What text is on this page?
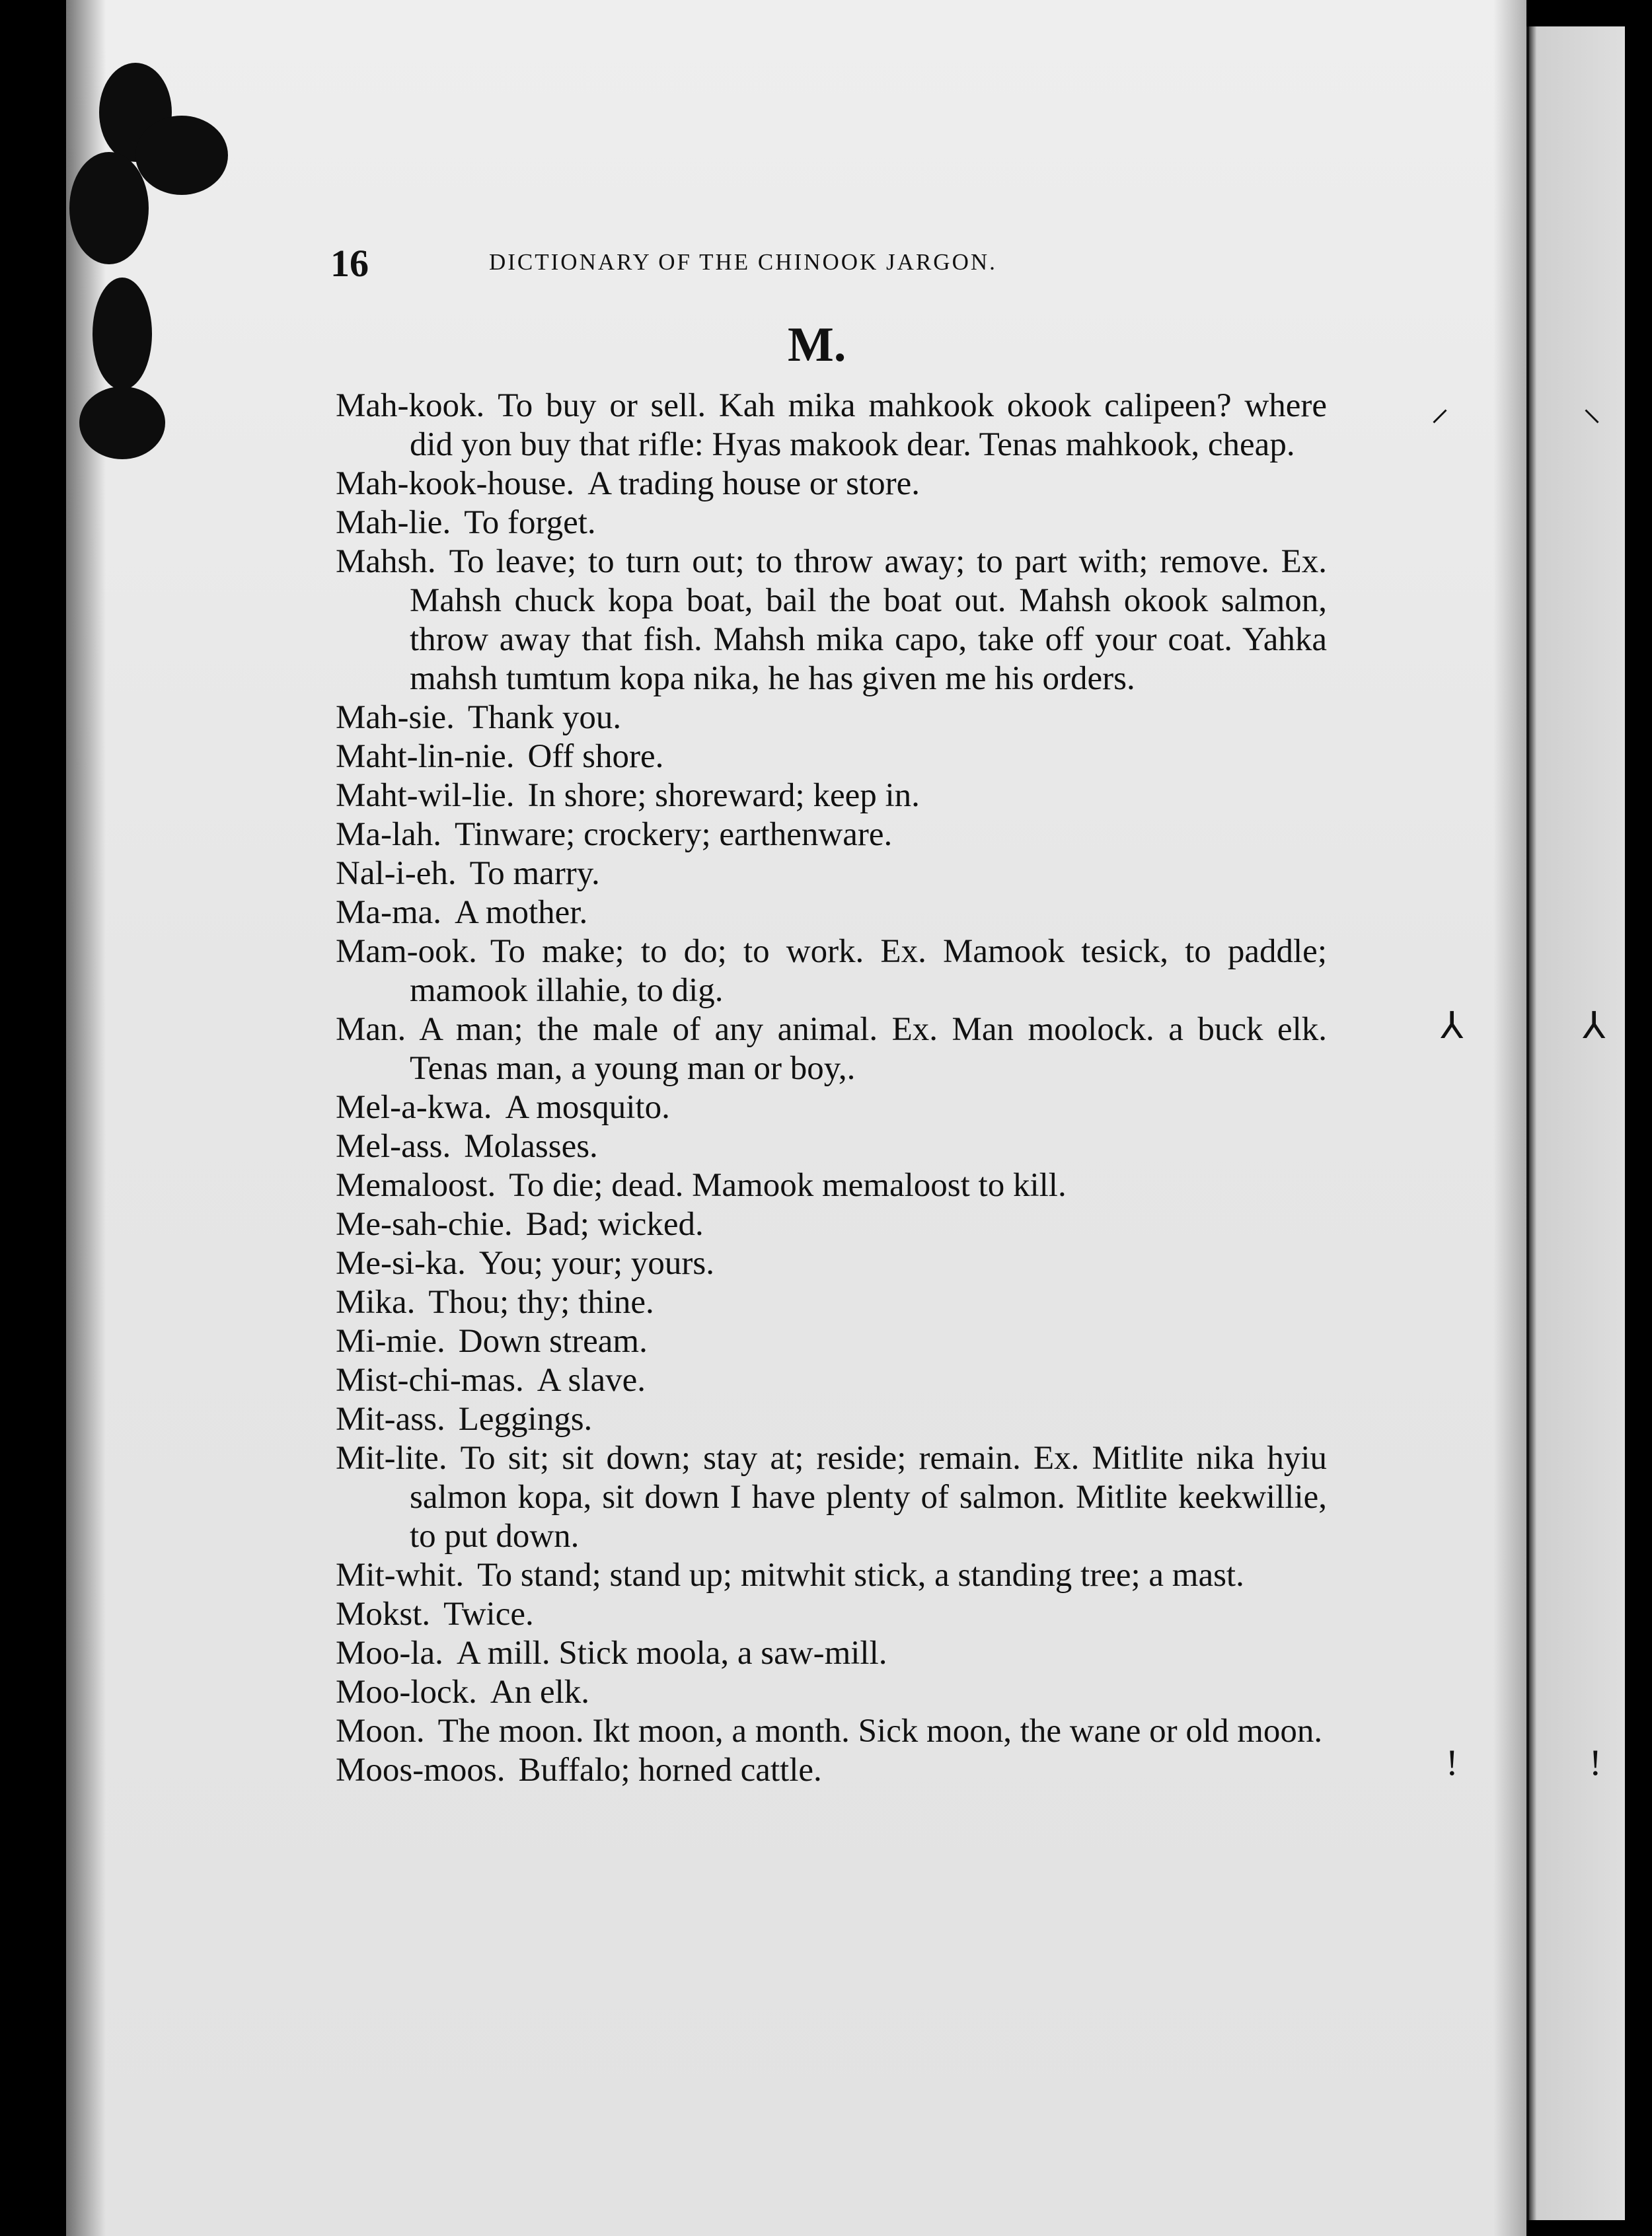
⸝	⸜
⅄	⅄
ǃ	ǃ
16	DICTIONARY OF THE CHINOOK JARGON.
M.

Mah-kook. To buy or sell. Kah mika mahkook okook calipeen? where did yon buy that rifle: Hyas makook dear. Tenas mahkook, cheap.

Mah-kook-house. A trading house or store.

Mah-lie. To forget.

Mahsh. To leave; to turn out; to throw away; to part with; remove. Ex. Mahsh chuck kopa boat, bail the boat out. Mahsh okook salmon, throw away that fish. Mahsh mika capo, take off your coat. Yahka mahsh tumtum kopa nika, he has given me his orders.

Mah-sie. Thank you.

Maht-lin-nie. Off shore.

Maht-wil-lie. In shore; shoreward; keep in.

Ma-lah. Tinware; crockery; earthenware.

Nal-i-eh. To marry.

Ma-ma. A mother.

Mam-ook. To make; to do; to work. Ex. Mamook tesick, to paddle; mamook illahie, to dig.

Man. A man; the male of any animal. Ex. Man moolock. a buck elk. Tenas man, a young man or boy,.

Mel-a-kwa. A mosquito.

Mel-ass. Molasses.

Memaloost. To die; dead. Mamook memaloost to kill.

Me-sah-chie. Bad; wicked.

Me-si-ka. You; your; yours.

Mika. Thou; thy; thine.

Mi-mie. Down stream.

Mist-chi-mas. A slave.

Mit-ass. Leggings.

Mit-lite. To sit; sit down; stay at; reside; remain. Ex. Mitlite nika hyiu salmon kopa, sit down I have plenty of salmon. Mitlite keekwillie, to put down.

Mit-whit. To stand; stand up; mitwhit stick, a standing tree; a mast.

Mokst. Twice.

Moo-la. A mill. Stick moola, a saw-mill.

Moo-lock. An elk.

Moon. The moon. Ikt moon, a month. Sick moon, the wane or old moon.

Moos-moos. Buffalo; horned cattle.
